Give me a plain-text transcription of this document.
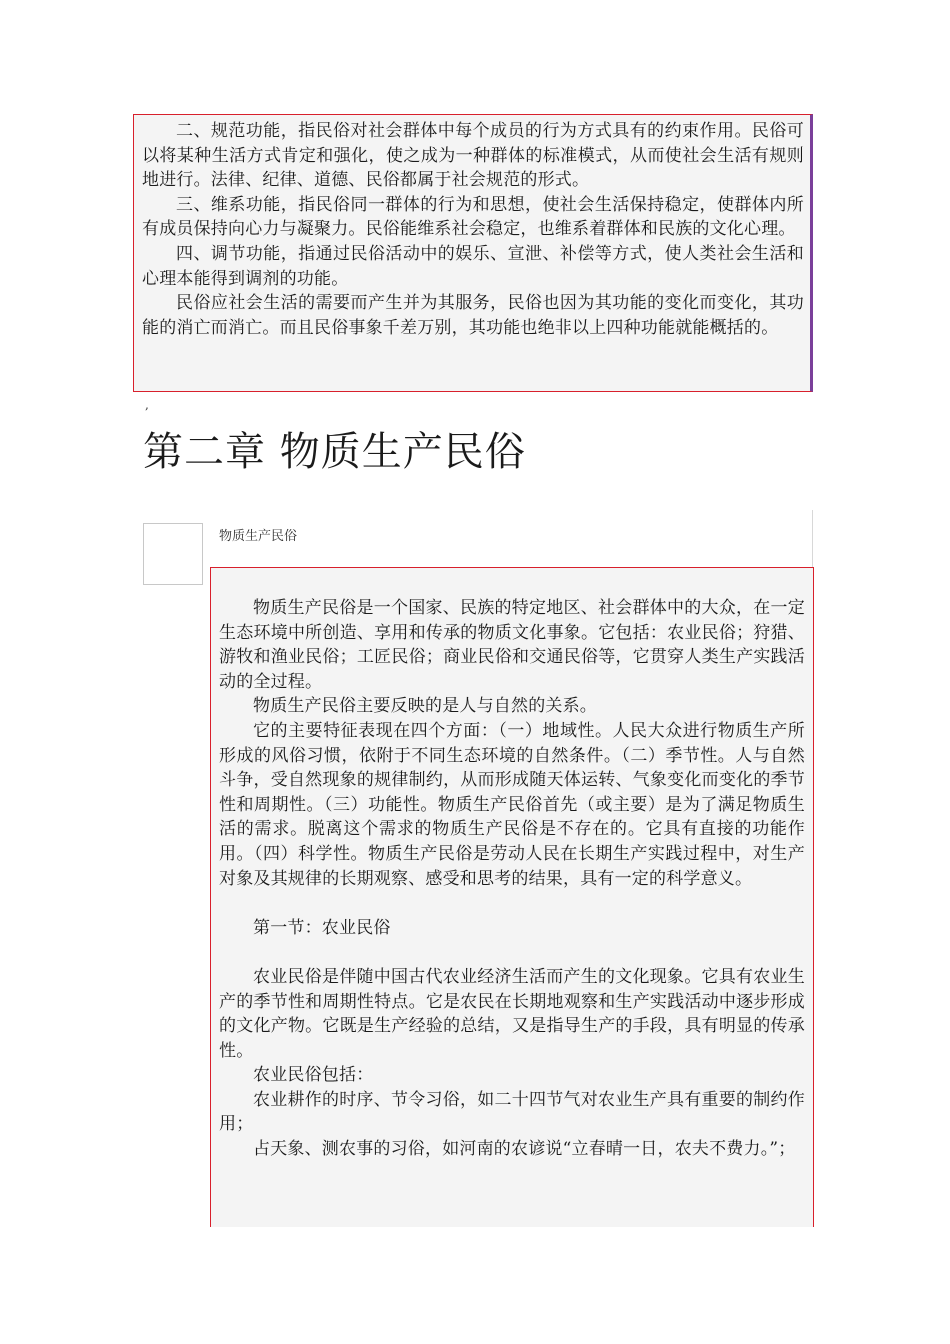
二、规范功能，指民俗对社会群体中每个成员的行为方式具有的约束作用。民俗可以将某种生活方式肯定和强化，使之成为一种群体的标准模式，从而使社会生活有规则地进行。法律、纪律、道德、民俗都属于社会规范的形式。

三、维系功能，指民俗同一群体的行为和思想，使社会生活保持稳定，使群体内所有成员保持向心力与凝聚力。民俗能维系社会稳定，也维系着群体和民族的文化心理。

四、调节功能，指通过民俗活动中的娱乐、宣泄、补偿等方式，使人类社会生活和心理本能得到调剂的功能。

民俗应社会生活的需要而产生并为其服务，民俗也因为其功能的变化而变化，其功能的消亡而消亡。而且民俗事象千差万别，其功能也绝非以上四种功能就能概括的。

,
第二章 物质生产民俗
物质生产民俗

物质生产民俗是一个国家、民族的特定地区、社会群体中的大众，在一定生态环境中所创造、享用和传承的物质文化事象。它包括：农业民俗；狩猎、游牧和渔业民俗；工匠民俗；商业民俗和交通民俗等，它贯穿人类生产实践活动的全过程。

物质生产民俗主要反映的是人与自然的关系。

它的主要特征表现在四个方面：（一）地域性。人民大众进行物质生产所形成的风俗习惯，依附于不同生态环境的自然条件。（二）季节性。人与自然斗争，受自然现象的规律制约，从而形成随天体运转、气象变化而变化的季节性和周期性。（三）功能性。物质生产民俗首先（或主要）是为了满足物质生活的需求。脱离这个需求的物质生产民俗是不存在的。它具有直接的功能作用。（四）科学性。物质生产民俗是劳动人民在长期生产实践过程中，对生产对象及其规律的长期观察、感受和思考的结果，具有一定的科学意义。

第一节：农业民俗

农业民俗是伴随中国古代农业经济生活而产生的文化现象。它具有农业生产的季节性和周期性特点。它是农民在长期地观察和生产实践活动中逐步形成的文化产物。它既是生产经验的总结，又是指导生产的手段，具有明显的传承性。

农业民俗包括：

农业耕作的时序、节令习俗，如二十四节气对农业生产具有重要的制约作用；

占天象、测农事的习俗，如河南的农谚说“立春晴一日，农夫不费力。”；
